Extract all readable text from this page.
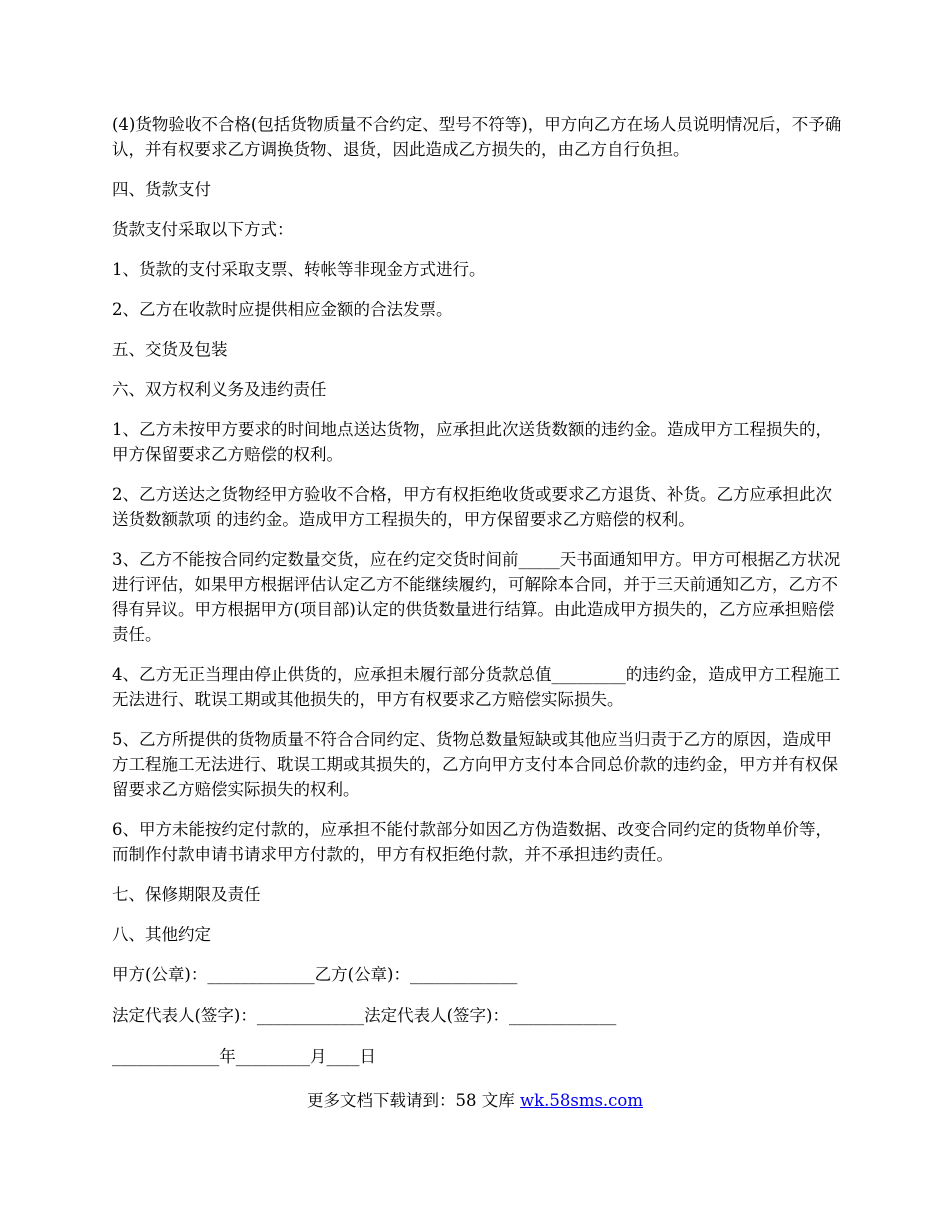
(4)货物验收不合格(包括货物质量不合约定、型号不符等)，甲方向乙方在场人员说明情况后，不予确认，并有权要求乙方调换货物、退货，因此造成乙方损失的，由乙方自行负担。

四、货款支付

货款支付采取以下方式：

1、货款的支付采取支票、转帐等非现金方式进行。

2、乙方在收款时应提供相应金额的合法发票。

五、交货及包装

六、双方权利义务及违约责任

1、乙方未按甲方要求的时间地点送达货物，应承担此次送货数额的违约金。造成甲方工程损失的，甲方保留要求乙方赔偿的权利。

2、乙方送达之货物经甲方验收不合格，甲方有权拒绝收货或要求乙方退货、补货。乙方应承担此次送货数额款项 的违约金。造成甲方工程损失的，甲方保留要求乙方赔偿的权利。

3、乙方不能按合同约定数量交货，应在约定交货时间前_____天书面通知甲方。甲方可根据乙方状况进行评估，如果甲方根据评估认定乙方不能继续履约，可解除本合同，并于三天前通知乙方，乙方不得有异议。甲方根据甲方(项目部)认定的供货数量进行结算。由此造成甲方损失的，乙方应承担赔偿责任。

4、乙方无正当理由停止供货的，应承担未履行部分货款总值_________的违约金，造成甲方工程施工无法进行、耽误工期或其他损失的，甲方有权要求乙方赔偿实际损失。

5、乙方所提供的货物质量不符合合同约定、货物总数量短缺或其他应当归责于乙方的原因，造成甲方工程施工无法进行、耽误工期或其损失的，乙方向甲方支付本合同总价款的违约金，甲方并有权保留要求乙方赔偿实际损失的权利。

6、甲方未能按约定付款的，应承担不能付款部分如因乙方伪造数据、改变合同约定的货物单价等，而制作付款申请书请求甲方付款的，甲方有权拒绝付款，并不承担违约责任。

七、保修期限及责任

八、其他约定

甲方(公章)：_____________乙方(公章)：_____________
法定代表人(签字)：_____________法定代表人(签字)：_____________
_____________年_________月____日
更多文档下载请到：58 文库 wk.58sms.com
